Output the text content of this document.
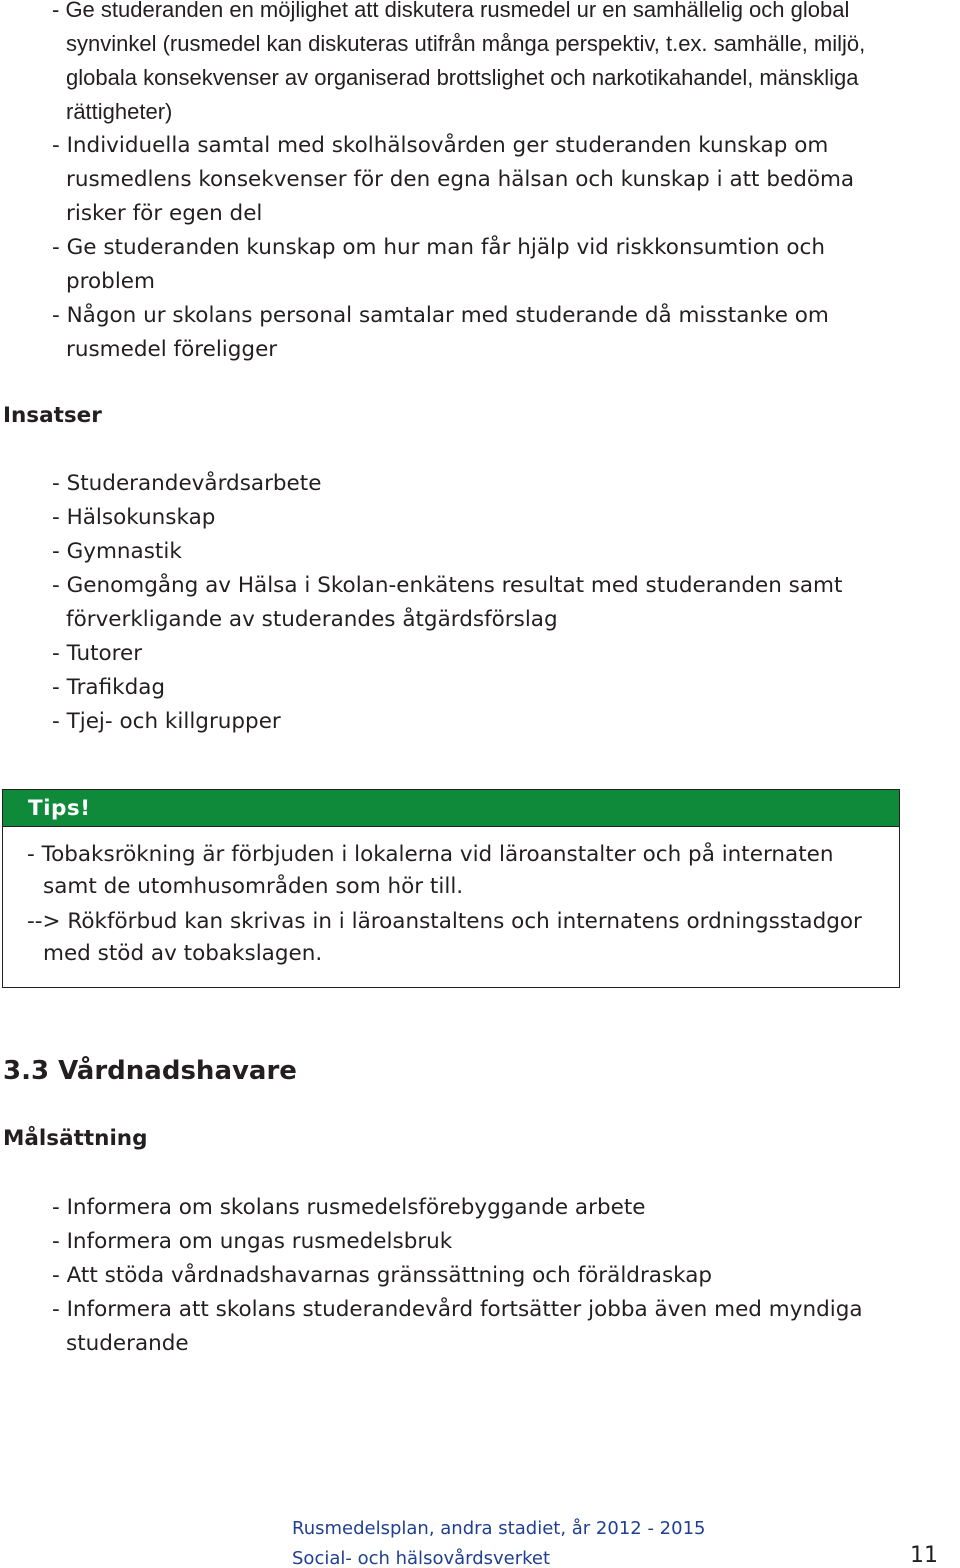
- Ge studeranden en möjlighet att diskutera rusmedel ur en samhällelig och global synvinkel (rusmedel kan diskuteras utifrån många perspektiv, t.ex. samhälle, miljö, globala konsekvenser av organiserad brottslighet och narkotikahandel, mänskliga rättigheter)
- Individuella samtal med skolhälsovården ger studeranden kunskap om rusmedlens konsekvenser för den egna hälsan och kunskap i att bedöma risker för egen del
- Ge studeranden kunskap om hur man får hjälp vid riskkonsumtion och problem
- Någon ur skolans personal samtalar med studerande då misstanke om rusmedel föreligger
Insatser
- Studerandevårdsarbete
- Hälsokunskap
- Gymnastik
- Genomgång av Hälsa i Skolan-enkätens resultat med studeranden samt förverkligande av studerandes åtgärdsförslag
- Tutorer
- Trafikdag
- Tjej- och killgrupper
Tips!
- Tobaksrökning är förbjuden i lokalerna vid läroanstalter och på internaten samt de utomhusområden som hör till.
--> Rökförbud kan skrivas in i läroanstaltens och internatens ordningsstadgor med stöd av tobakslagen.
3.3 Vårdnadshavare
Målsättning
- Informera om skolans rusmedelsförebyggande arbete
- Informera om ungas rusmedelsbruk
- Att stöda vårdnadshavarnas gränssättning och föräldraskap
- Informera att skolans studerandevård fortsätter jobba även med myndiga studerande
Rusmedelsplan, andra stadiet, år 2012 - 2015
Social- och hälsovårdsverket	11
